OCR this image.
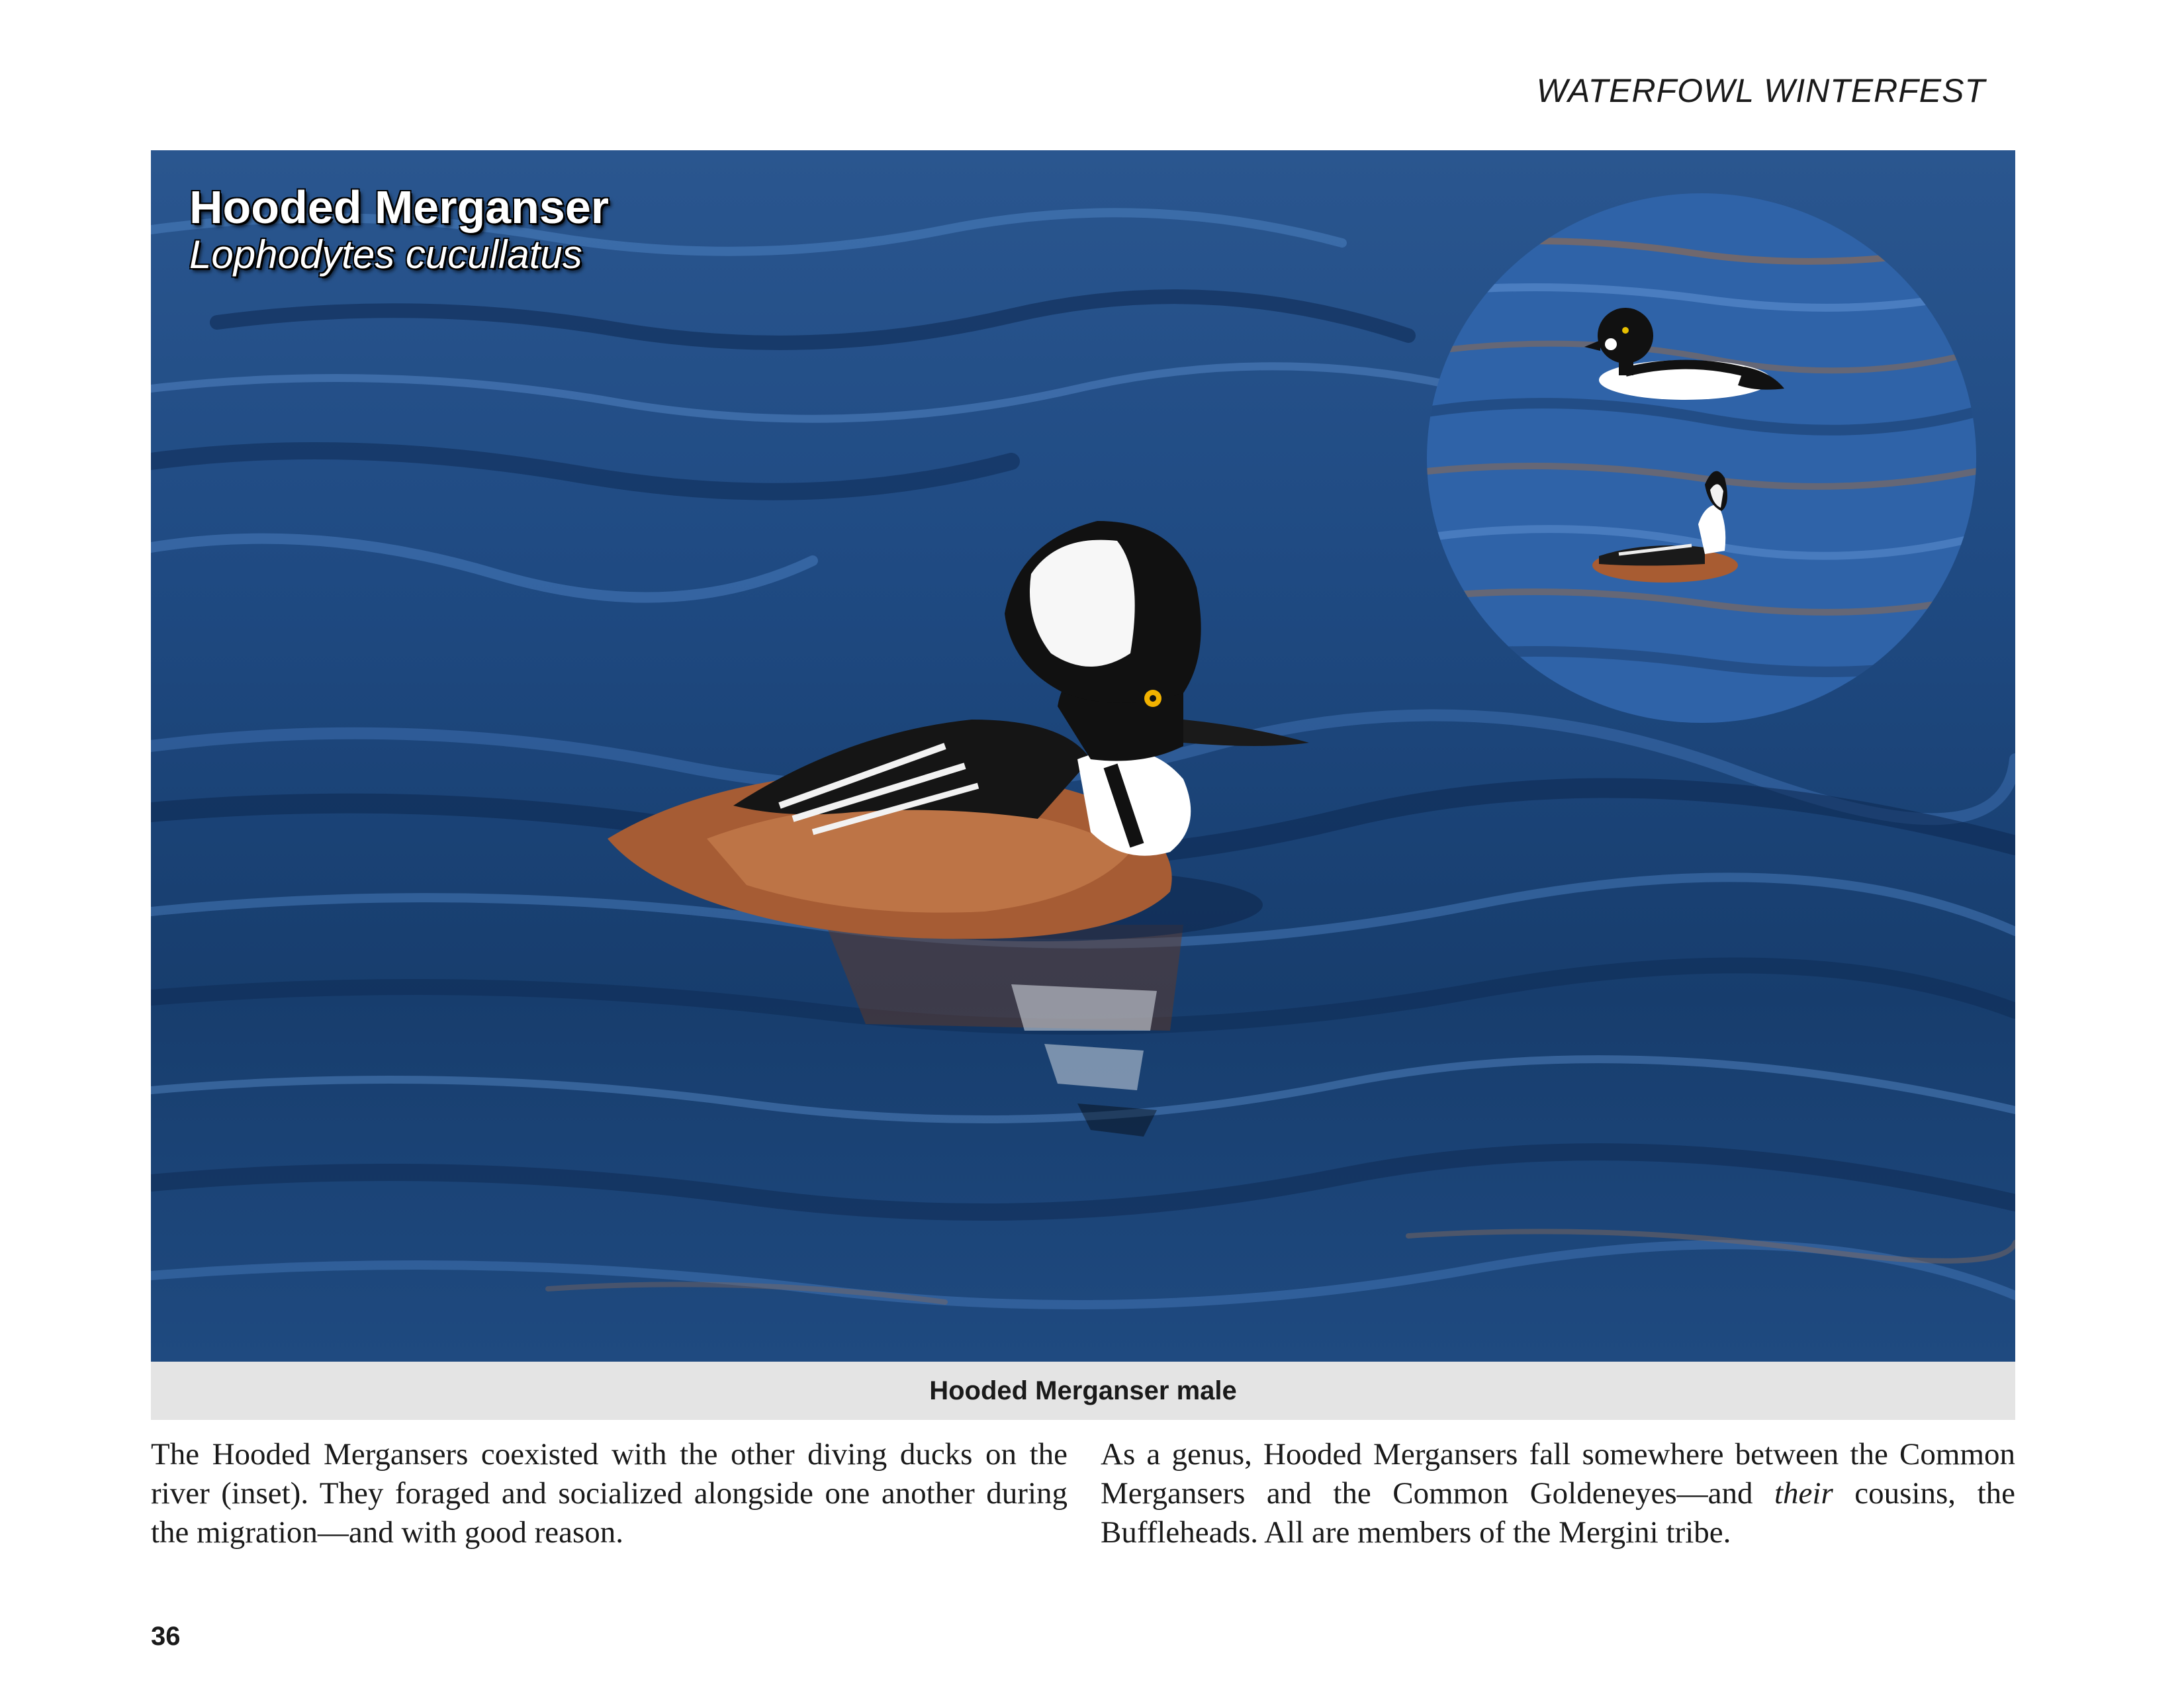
WATERFOWL WINTERFEST
Hooded Merganser
Lophodytes cucullatus
Hooded Merganser male
The Hooded Mergansers coexisted with the other diving ducks on the river (inset). They foraged and socialized alongside one another during the migration—and with good reason.
As a genus, Hooded Mergansers fall somewhere between the Common Mergansers and the Common Goldeneyes—and their cousins, the Buffleheads. All are members of the Mergini tribe.
36
